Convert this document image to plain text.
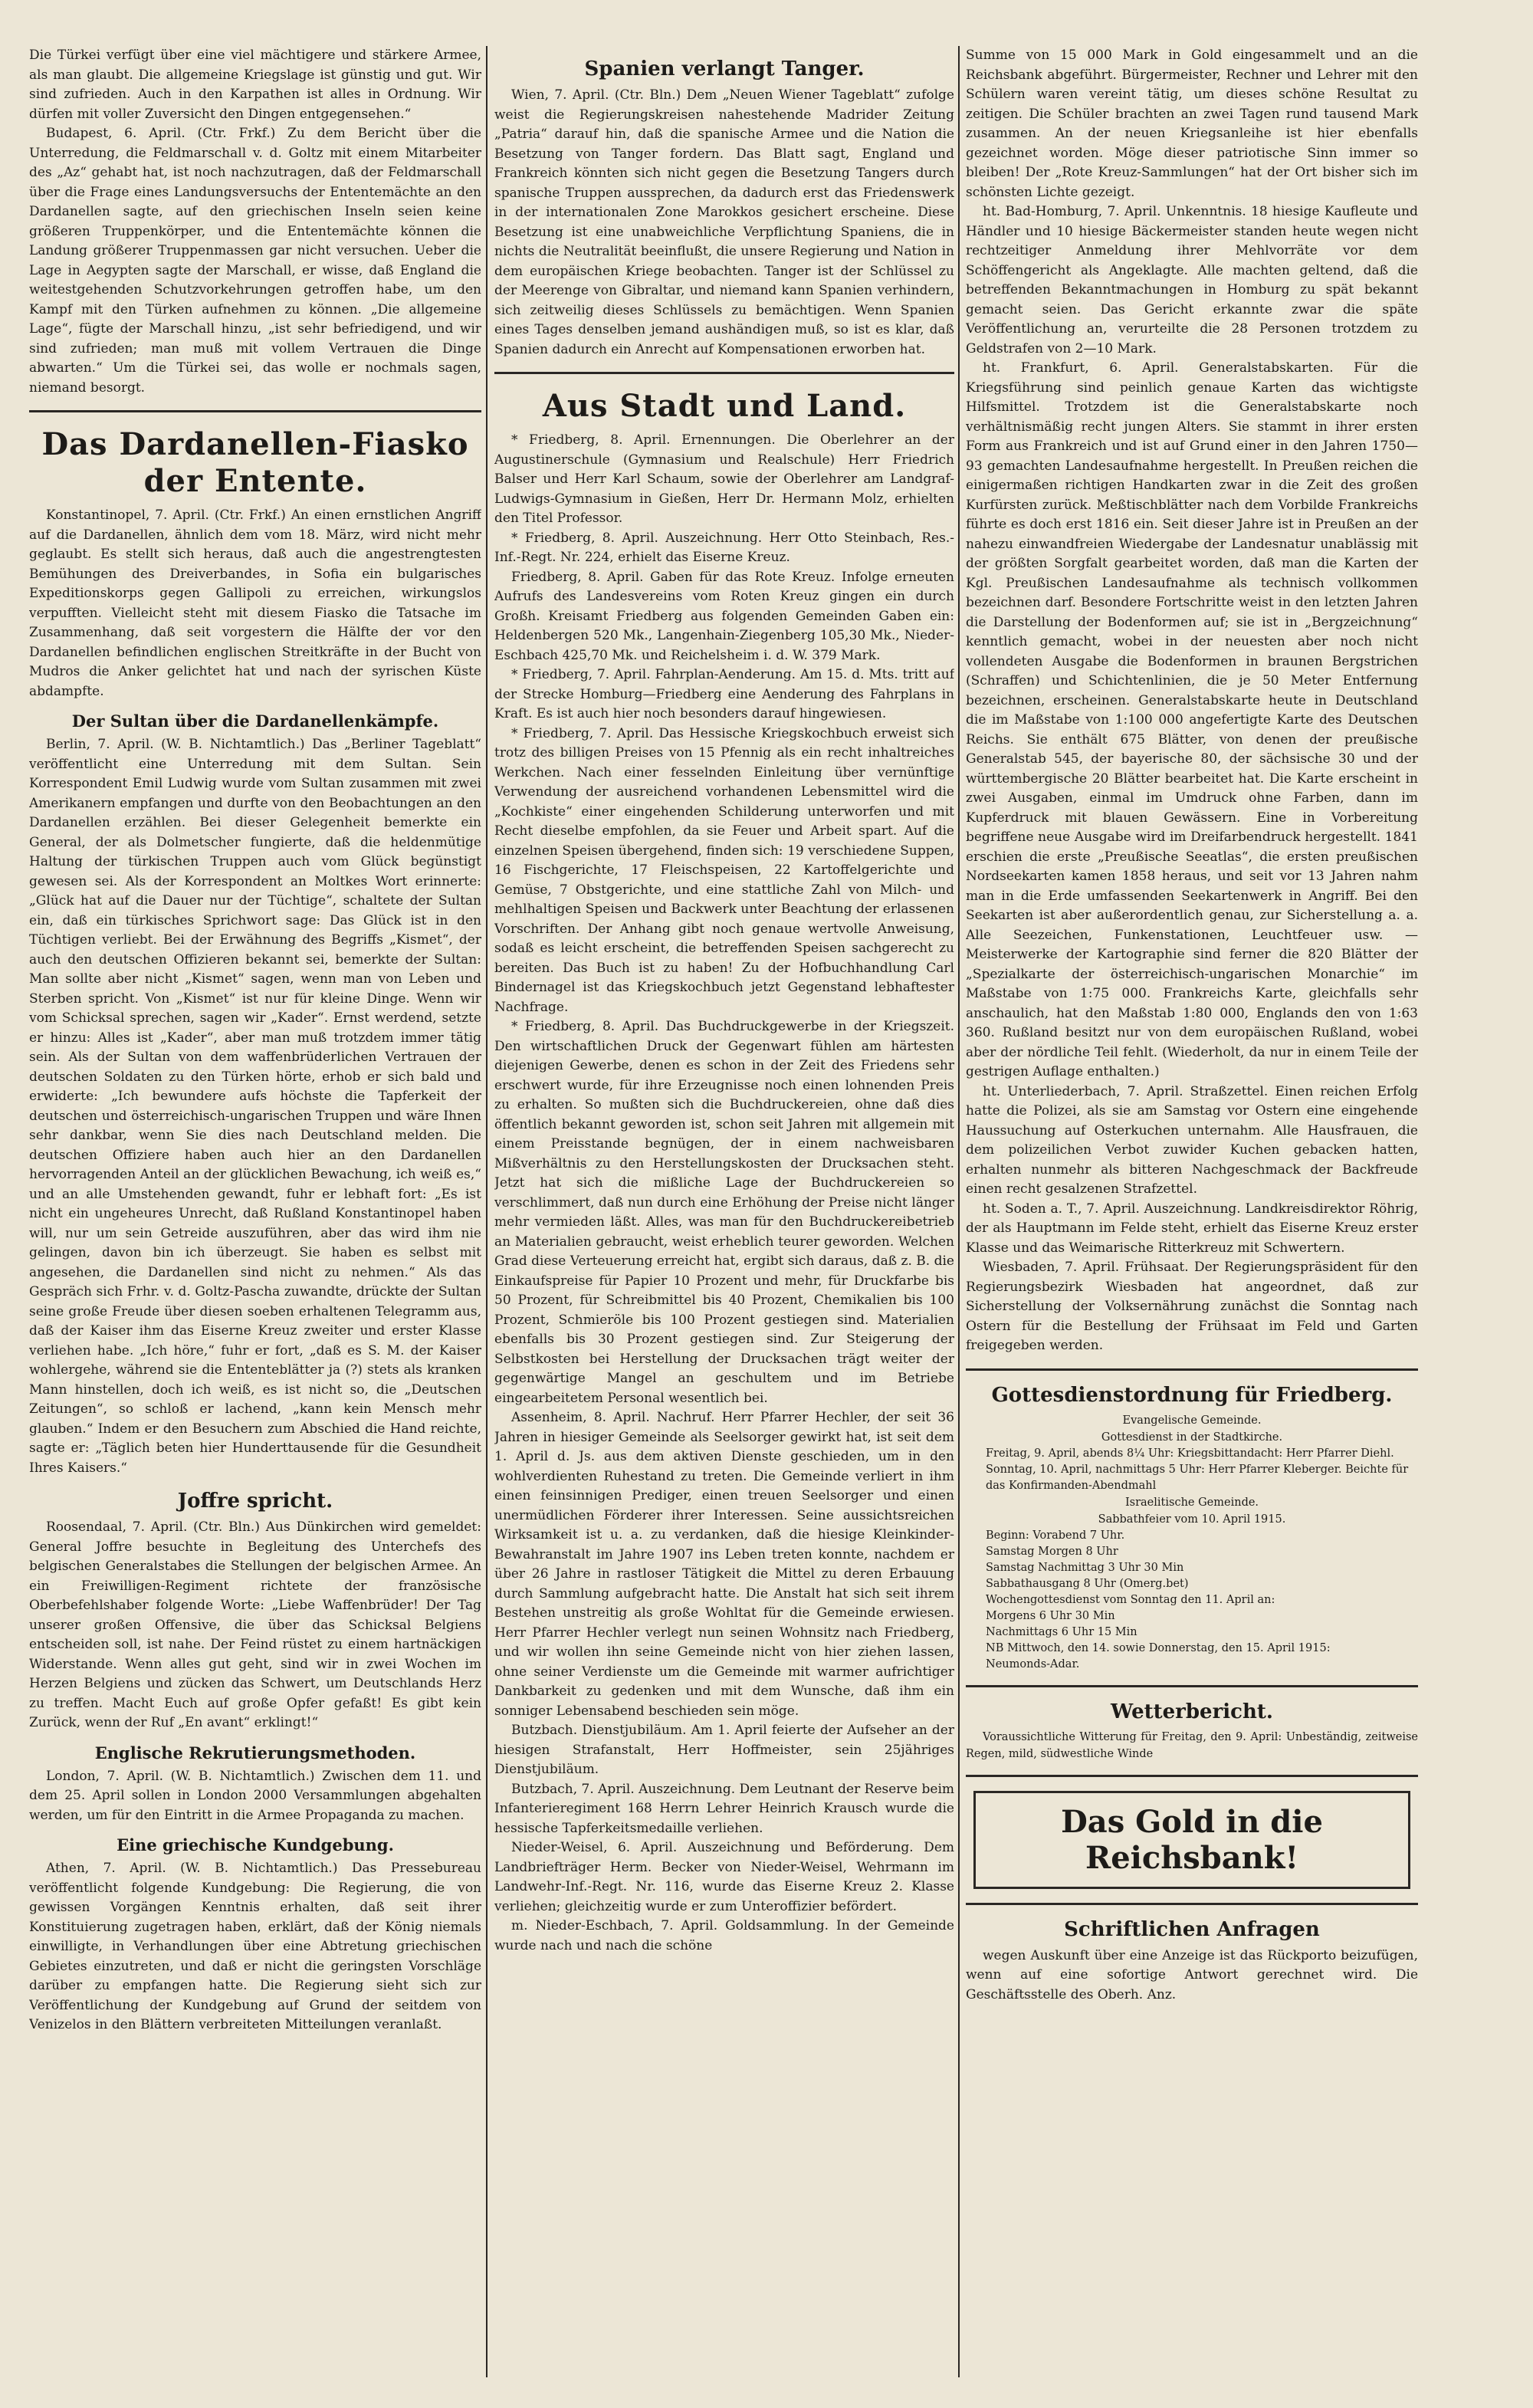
Die Türkei verfügt über eine viel mächtigere und stärkere Armee, als man glaubt. Die allgemeine Kriegslage ist günstig und gut. Wir sind zufrieden. Auch in den Karpathen ist alles in Ordnung. Wir dürfen mit voller Zuversicht den Dingen entgegensehen.“

Budapest, 6. April. (Ctr. Frkf.) Zu dem Bericht über die Unterredung, die Feldmarschall v. d. Goltz mit einem Mitarbeiter des „Az“ gehabt hat, ist noch nachzutragen, daß der Feldmarschall über die Frage eines Landungsversuchs der Ententemächte an den Dardanellen sagte, auf den griechischen Inseln seien keine größeren Truppenkörper, und die Ententemächte können die Landung größerer Truppenmassen gar nicht versuchen. Ueber die Lage in Aegypten sagte der Marschall, er wisse, daß England die weitestgehenden Schutzvorkehrungen getroffen habe, um den Kampf mit den Türken aufnehmen zu können. „Die allgemeine Lage“, fügte der Marschall hinzu, „ist sehr befriedigend, und wir sind zufrieden; man muß mit vollem Vertrauen die Dinge abwarten.“ Um die Türkei sei, das wolle er nochmals sagen, niemand besorgt.

Das Dardanellen-Fiasko der Entente.

Konstantinopel, 7. April. (Ctr. Frkf.) An einen ernstlichen Angriff auf die Dardanellen, ähnlich dem vom 18. März, wird nicht mehr geglaubt. Es stellt sich heraus, daß auch die angestrengtesten Bemühungen des Dreiverbandes, in Sofia ein bulgarisches Expeditionskorps gegen Gallipoli zu erreichen, wirkungslos verpufften. Vielleicht steht mit diesem Fiasko die Tatsache im Zusammenhang, daß seit vorgestern die Hälfte der vor den Dardanellen befindlichen englischen Streitkräfte in der Bucht von Mudros die Anker gelichtet hat und nach der syrischen Küste abdampfte.

Der Sultan über die Dardanellenkämpfe.

Berlin, 7. April. (W. B. Nichtamtlich.) Das „Berliner Tageblatt“ veröffentlicht eine Unterredung mit dem Sultan. Sein Korrespondent Emil Ludwig wurde vom Sultan zusammen mit zwei Amerikanern empfangen und durfte von den Beobachtungen an den Dardanellen erzählen. Bei dieser Gelegenheit bemerkte ein General, der als Dolmetscher fungierte, daß die heldenmütige Haltung der türkischen Truppen auch vom Glück begünstigt gewesen sei. Als der Korrespondent an Moltkes Wort erinnerte: „Glück hat auf die Dauer nur der Tüchtige“, schaltete der Sultan ein, daß ein türkisches Sprichwort sage: Das Glück ist in den Tüchtigen verliebt. Bei der Erwähnung des Begriffs „Kismet“, der auch den deutschen Offizieren bekannt sei, bemerkte der Sultan: Man sollte aber nicht „Kismet“ sagen, wenn man von Leben und Sterben spricht. Von „Kismet“ ist nur für kleine Dinge. Wenn wir vom Schicksal sprechen, sagen wir „Kader“. Ernst werdend, setzte er hinzu: Alles ist „Kader“, aber man muß trotzdem immer tätig sein. Als der Sultan von dem waffenbrüderlichen Vertrauen der deutschen Soldaten zu den Türken hörte, erhob er sich bald und erwiderte: „Ich bewundere aufs höchste die Tapferkeit der deutschen und österreichisch-ungarischen Truppen und wäre Ihnen sehr dankbar, wenn Sie dies nach Deutschland melden. Die deutschen Offiziere haben auch hier an den Dardanellen hervorragenden Anteil an der glücklichen Bewachung, ich weiß es,“ und an alle Umstehenden gewandt, fuhr er lebhaft fort: „Es ist nicht ein ungeheures Unrecht, daß Rußland Konstantinopel haben will, nur um sein Getreide auszuführen, aber das wird ihm nie gelingen, davon bin ich überzeugt. Sie haben es selbst mit angesehen, die Dardanellen sind nicht zu nehmen.“ Als das Gespräch sich Frhr. v. d. Goltz-Pascha zuwandte, drückte der Sultan seine große Freude über diesen soeben erhaltenen Telegramm aus, daß der Kaiser ihm das Eiserne Kreuz zweiter und erster Klasse verliehen habe. „Ich höre,“ fuhr er fort, „daß es S. M. der Kaiser wohlergehe, während sie die Ententeblätter ja (?) stets als kranken Mann hinstellen, doch ich weiß, es ist nicht so, die „Deutschen Zeitungen“, so schloß er lachend, „kann kein Mensch mehr glauben.“ Indem er den Besuchern zum Abschied die Hand reichte, sagte er: „Täglich beten hier Hunderttausende für die Gesundheit Ihres Kaisers.“

Joffre spricht.

Roosendaal, 7. April. (Ctr. Bln.) Aus Dünkirchen wird gemeldet: General Joffre besuchte in Begleitung des Unterchefs des belgischen Generalstabes die Stellungen der belgischen Armee. An ein Freiwilligen-Regiment richtete der französische Oberbefehlshaber folgende Worte: „Liebe Waffenbrüder! Der Tag unserer großen Offensive, die über das Schicksal Belgiens entscheiden soll, ist nahe. Der Feind rüstet zu einem hartnäckigen Widerstande. Wenn alles gut geht, sind wir in zwei Wochen im Herzen Belgiens und zücken das Schwert, um Deutschlands Herz zu treffen. Macht Euch auf große Opfer gefaßt! Es gibt kein Zurück, wenn der Ruf „En avant“ erklingt!“

Englische Rekrutierungsmethoden.

London, 7. April. (W. B. Nichtamtlich.) Zwischen dem 11. und dem 25. April sollen in London 2000 Versammlungen abgehalten werden, um für den Eintritt in die Armee Propaganda zu machen.

Eine griechische Kundgebung.

Athen, 7. April. (W. B. Nichtamtlich.) Das Pressebureau veröffentlicht folgende Kundgebung: Die Regierung, die von gewissen Vorgängen Kenntnis erhalten, daß seit ihrer Konstituierung zugetragen haben, erklärt, daß der König niemals einwilligte, in Verhandlungen über eine Abtretung griechischen Gebietes einzutreten, und daß er nicht die geringsten Vorschläge darüber zu empfangen hatte. Die Regierung sieht sich zur Veröffentlichung der Kundgebung auf Grund der seitdem von Venizelos in den Blättern verbreiteten Mitteilungen veranlaßt.

Spanien verlangt Tanger.

Wien, 7. April. (Ctr. Bln.) Dem „Neuen Wiener Tageblatt“ zufolge weist die Regierungskreisen nahestehende Madrider Zeitung „Patria“ darauf hin, daß die spanische Armee und die Nation die Besetzung von Tanger fordern. Das Blatt sagt, England und Frankreich könnten sich nicht gegen die Besetzung Tangers durch spanische Truppen aussprechen, da dadurch erst das Friedenswerk in der internationalen Zone Marokkos gesichert erscheine. Diese Besetzung ist eine unabweichliche Verpflichtung Spaniens, die in nichts die Neutralität beeinflußt, die unsere Regierung und Nation in dem europäischen Kriege beobachten. Tanger ist der Schlüssel zu der Meerenge von Gibraltar, und niemand kann Spanien verhindern, sich zeitweilig dieses Schlüssels zu bemächtigen. Wenn Spanien eines Tages denselben jemand aushändigen muß, so ist es klar, daß Spanien dadurch ein Anrecht auf Kompensationen erworben hat.

Aus Stadt und Land.

* Friedberg, 8. April. Ernennungen. Die Oberlehrer an der Augustinerschule (Gymnasium und Realschule) Herr Friedrich Balser und Herr Karl Schaum, sowie der Oberlehrer am Landgraf-Ludwigs-Gymnasium in Gießen, Herr Dr. Hermann Molz, erhielten den Titel Professor.

* Friedberg, 8. April. Auszeichnung. Herr Otto Steinbach, Res.-Inf.-Regt. Nr. 224, erhielt das Eiserne Kreuz.

Friedberg, 8. April. Gaben für das Rote Kreuz. Infolge erneuten Aufrufs des Landesvereins vom Roten Kreuz gingen ein durch Großh. Kreisamt Friedberg aus folgenden Gemeinden Gaben ein: Heldenbergen 520 Mk., Langenhain-Ziegenberg 105,30 Mk., Nieder-Eschbach 425,70 Mk. und Reichelsheim i. d. W. 379 Mark.

* Friedberg, 7. April. Fahrplan-Aenderung. Am 15. d. Mts. tritt auf der Strecke Homburg—Friedberg eine Aenderung des Fahrplans in Kraft. Es ist auch hier noch besonders darauf hingewiesen.

* Friedberg, 7. April. Das Hessische Kriegskochbuch erweist sich trotz des billigen Preises von 15 Pfennig als ein recht inhaltreiches Werkchen. Nach einer fesselnden Einleitung über vernünftige Verwendung der ausreichend vorhandenen Lebensmittel wird die „Kochkiste“ einer eingehenden Schilderung unterworfen und mit Recht dieselbe empfohlen, da sie Feuer und Arbeit spart. Auf die einzelnen Speisen übergehend, finden sich: 19 verschiedene Suppen, 16 Fischgerichte, 17 Fleischspeisen, 22 Kartoffelgerichte und Gemüse, 7 Obstgerichte, und eine stattliche Zahl von Milch- und mehlhaltigen Speisen und Backwerk unter Beachtung der erlassenen Vorschriften. Der Anhang gibt noch genaue wertvolle Anweisung, sodaß es leicht erscheint, die betreffenden Speisen sachgerecht zu bereiten. Das Buch ist zu haben! Zu der Hofbuchhandlung Carl Bindernagel ist das Kriegskochbuch jetzt Gegenstand lebhaftester Nachfrage.

* Friedberg, 8. April. Das Buchdruckgewerbe in der Kriegszeit. Den wirtschaftlichen Druck der Gegenwart fühlen am härtesten diejenigen Gewerbe, denen es schon in der Zeit des Friedens sehr erschwert wurde, für ihre Erzeugnisse noch einen lohnenden Preis zu erhalten. So mußten sich die Buchdruckereien, ohne daß dies öffentlich bekannt geworden ist, schon seit Jahren mit allgemein mit einem Preisstande begnügen, der in einem nachweisbaren Mißverhältnis zu den Herstellungskosten der Drucksachen steht. Jetzt hat sich die mißliche Lage der Buchdruckereien so verschlimmert, daß nun durch eine Erhöhung der Preise nicht länger mehr vermieden läßt. Alles, was man für den Buchdruckereibetrieb an Materialien gebraucht, weist erheblich teurer geworden. Welchen Grad diese Verteuerung erreicht hat, ergibt sich daraus, daß z. B. die Einkaufspreise für Papier 10 Prozent und mehr, für Druckfarbe bis 50 Prozent, für Schreibmittel bis 40 Prozent, Chemikalien bis 100 Prozent, Schmieröle bis 100 Prozent gestiegen sind. Materialien ebenfalls bis 30 Prozent gestiegen sind. Zur Steigerung der Selbstkosten bei Herstellung der Drucksachen trägt weiter der gegenwärtige Mangel an geschultem und im Betriebe eingearbeitetem Personal wesentlich bei.

Assenheim, 8. April. Nachruf. Herr Pfarrer Hechler, der seit 36 Jahren in hiesiger Gemeinde als Seelsorger gewirkt hat, ist seit dem 1. April d. Js. aus dem aktiven Dienste geschieden, um in den wohlverdienten Ruhestand zu treten. Die Gemeinde verliert in ihm einen feinsinnigen Prediger, einen treuen Seelsorger und einen unermüdlichen Förderer ihrer Interessen. Seine aussichtsreichen Wirksamkeit ist u. a. zu verdanken, daß die hiesige Kleinkinder-Bewahranstalt im Jahre 1907 ins Leben treten konnte, nachdem er über 26 Jahre in rastloser Tätigkeit die Mittel zu deren Erbauung durch Sammlung aufgebracht hatte. Die Anstalt hat sich seit ihrem Bestehen unstreitig als große Wohltat für die Gemeinde erwiesen. Herr Pfarrer Hechler verlegt nun seinen Wohnsitz nach Friedberg, und wir wollen ihn seine Gemeinde nicht von hier ziehen lassen, ohne seiner Verdienste um die Gemeinde mit warmer aufrichtiger Dankbarkeit zu gedenken und mit dem Wunsche, daß ihm ein sonniger Lebensabend beschieden sein möge.

Butzbach. Dienstjubiläum. Am 1. April feierte der Aufseher an der hiesigen Strafanstalt, Herr Hoffmeister, sein 25jähriges Dienstjubiläum.

Butzbach, 7. April. Auszeichnung. Dem Leutnant der Reserve beim Infanterieregiment 168 Herrn Lehrer Heinrich Krausch wurde die hessische Tapferkeitsmedaille verliehen.

Nieder-Weisel, 6. April. Auszeichnung und Beförderung. Dem Landbriefträger Herm. Becker von Nieder-Weisel, Wehrmann im Landwehr-Inf.-Regt. Nr. 116, wurde das Eiserne Kreuz 2. Klasse verliehen; gleichzeitig wurde er zum Unteroffizier befördert.

m. Nieder-Eschbach, 7. April. Goldsammlung. In der Gemeinde wurde nach und nach die schöne

Summe von 15 000 Mark in Gold eingesammelt und an die Reichsbank abgeführt. Bürgermeister, Rechner und Lehrer mit den Schülern waren vereint tätig, um dieses schöne Resultat zu zeitigen. Die Schüler brachten an zwei Tagen rund tausend Mark zusammen. An der neuen Kriegsanleihe ist hier ebenfalls gezeichnet worden. Möge dieser patriotische Sinn immer so bleiben! Der „Rote Kreuz-Sammlungen“ hat der Ort bisher sich im schönsten Lichte gezeigt.

ht. Bad-Homburg, 7. April. Unkenntnis. 18 hiesige Kaufleute und Händler und 10 hiesige Bäckermeister standen heute wegen nicht rechtzeitiger Anmeldung ihrer Mehlvorräte vor dem Schöffengericht als Angeklagte. Alle machten geltend, daß die betreffenden Bekanntmachungen in Homburg zu spät bekannt gemacht seien. Das Gericht erkannte zwar die späte Veröffentlichung an, verurteilte die 28 Personen trotzdem zu Geldstrafen von 2—10 Mark.

ht. Frankfurt, 6. April. Generalstabskarten. Für die Kriegsführung sind peinlich genaue Karten das wichtigste Hilfsmittel. Trotzdem ist die Generalstabskarte noch verhältnismäßig recht jungen Alters. Sie stammt in ihrer ersten Form aus Frankreich und ist auf Grund einer in den Jahren 1750—93 gemachten Landesaufnahme hergestellt. In Preußen reichen die einigermaßen richtigen Handkarten zwar in die Zeit des großen Kurfürsten zurück. Meßtischblätter nach dem Vorbilde Frankreichs führte es doch erst 1816 ein. Seit dieser Jahre ist in Preußen an der nahezu einwandfreien Wiedergabe der Landesnatur unablässig mit der größten Sorgfalt gearbeitet worden, daß man die Karten der Kgl. Preußischen Landesaufnahme als technisch vollkommen bezeichnen darf. Besondere Fortschritte weist in den letzten Jahren die Darstellung der Bodenformen auf; sie ist in „Bergzeichnung“ kenntlich gemacht, wobei in der neuesten aber noch nicht vollendeten Ausgabe die Bodenformen in braunen Bergstrichen (Schraffen) und Schichtenlinien, die je 50 Meter Entfernung bezeichnen, erscheinen. Generalstabskarte heute in Deutschland die im Maßstabe von 1:100 000 angefertigte Karte des Deutschen Reichs. Sie enthält 675 Blätter, von denen der preußische Generalstab 545, der bayerische 80, der sächsische 30 und der württembergische 20 Blätter bearbeitet hat. Die Karte erscheint in zwei Ausgaben, einmal im Umdruck ohne Farben, dann im Kupferdruck mit blauen Gewässern. Eine in Vorbereitung begriffene neue Ausgabe wird im Dreifarbendruck hergestellt. 1841 erschien die erste „Preußische Seeatlas“, die ersten preußischen Nordseekarten kamen 1858 heraus, und seit vor 13 Jahren nahm man in die Erde umfassenden Seekartenwerk in Angriff. Bei den Seekarten ist aber außerordentlich genau, zur Sicherstellung a. a. Alle Seezeichen, Funkenstationen, Leuchtfeuer usw. — Meisterwerke der Kartographie sind ferner die 820 Blätter der „Spezialkarte der österreichisch-ungarischen Monarchie“ im Maßstabe von 1:75 000. Frankreichs Karte, gleichfalls sehr anschaulich, hat den Maßstab 1:80 000, Englands den von 1:63 360. Rußland besitzt nur von dem europäischen Rußland, wobei aber der nördliche Teil fehlt. (Wiederholt, da nur in einem Teile der gestrigen Auflage enthalten.)

ht. Unterliederbach, 7. April. Straßzettel. Einen reichen Erfolg hatte die Polizei, als sie am Samstag vor Ostern eine eingehende Haussuchung auf Osterkuchen unternahm. Alle Hausfrauen, die dem polizeilichen Verbot zuwider Kuchen gebacken hatten, erhalten nunmehr als bitteren Nachgeschmack der Backfreude einen recht gesalzenen Strafzettel.

ht. Soden a. T., 7. April. Auszeichnung. Landkreisdirektor Röhrig, der als Hauptmann im Felde steht, erhielt das Eiserne Kreuz erster Klasse und das Weimarische Ritterkreuz mit Schwertern.

Wiesbaden, 7. April. Frühsaat. Der Regierungspräsident für den Regierungsbezirk Wiesbaden hat angeordnet, daß zur Sicherstellung der Volksernährung zunächst die Sonntag nach Ostern für die Bestellung der Frühsaat im Feld und Garten freigegeben werden.

Gottesdienstordnung für Friedberg.

Evangelische Gemeinde.

Gottesdienst in der Stadtkirche.

Freitag, 9. April, abends 8¼ Uhr: Kriegsbittandacht: Herr Pfarrer Diehl.

Sonntag, 10. April, nachmittags 5 Uhr: Herr Pfarrer Kleberger. Beichte für das Konfirmanden-Abendmahl

Israelitische Gemeinde.

Sabbathfeier vom 10. April 1915.

Beginn: Vorabend 7 Uhr.

Samstag Morgen 8 Uhr

Samstag Nachmittag 3 Uhr 30 Min

Sabbathausgang 8 Uhr (Omerg.bet)

Wochengottesdienst vom Sonntag den 11. April an:

Morgens 6 Uhr 30 Min

Nachmittags 6 Uhr 15 Min

NB Mittwoch, den 14. sowie Donnerstag, den 15. April 1915:

Neumonds-Adar.

Wetterbericht.

Voraussichtliche Witterung für Freitag, den 9. April: Unbeständig, zeitweise Regen, mild, südwestliche Winde

Das Gold in die Reichsbank!
Schriftlichen Anfragen

wegen Auskunft über eine Anzeige ist das Rückporto beizufügen, wenn auf eine sofortige Antwort gerechnet wird. Die Geschäftsstelle des Oberh. Anz.
